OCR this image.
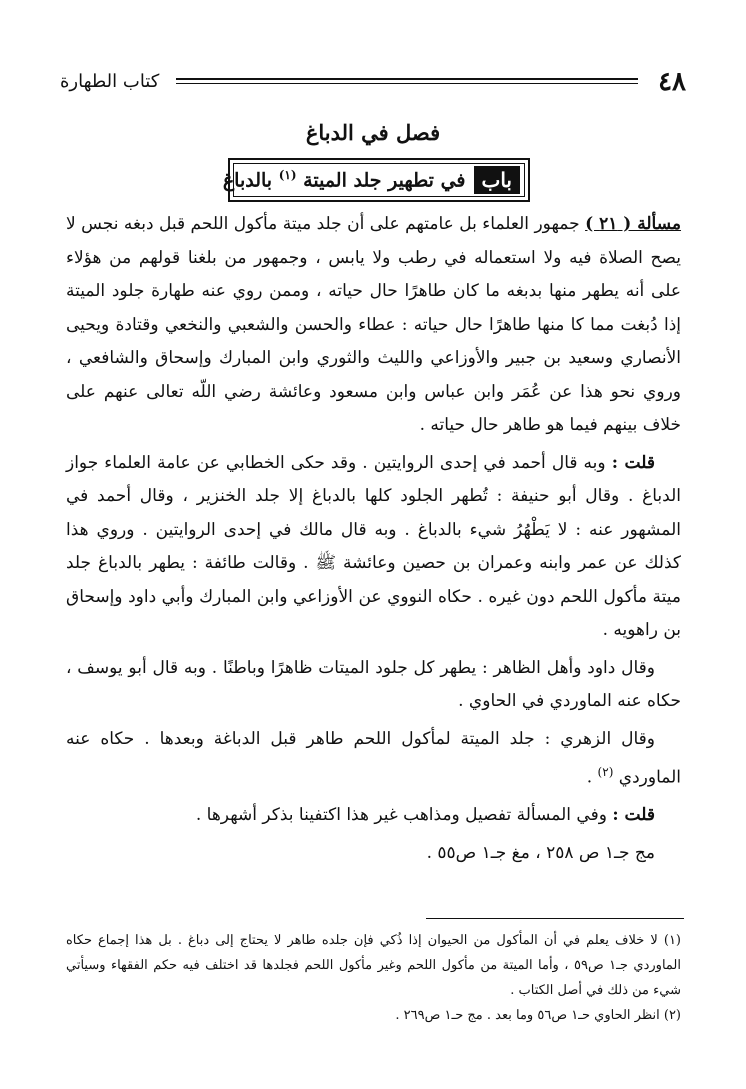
٤٨
كتاب الطهارة
فصل في الدباغ
باب
في تطهير جلد الميتة $^{(١)}$ بالدباغ

مسألة ( ٢١ ) جمهور العلماء بل عامتهم على أن جلد ميتة مأكول اللحم قبل دبغه نجس لا يصح الصلاة فيه ولا استعماله في رطب ولا يابس ، وجمهور من بلغنا قولهم من هؤلاء على أنه يطهر منها بدبغه ما كان طاهرًا حال حياته ، وممن روي عنه طهارة جلود الميتة إذا دُبغت مما كا منها طاهرًا حال حياته : عطاء والحسن والشعبي والنخعي وقتادة ويحيى الأنصاري وسعيد بن جبير والأوزاعي والليث والثوري وابن المبارك وإسحاق والشافعي ، وروي نحو هذا عن عُمَر وابن عباس وابن مسعود وعائشة رضي اللّه تعالى عنهم على خلاف بينهم فيما هو طاهر حال حياته .

قلت : وبه قال أحمد في إحدى الروايتين . وقد حكى الخطابي عن عامة العلماء جواز الدباغ . وقال أبو حنيفة : تُطهر الجلود كلها بالدباغ إلا جلد الخنزير ، وقال أحمد في المشهور عنه : لا يَطْهُرُ شيء بالدباغ . وبه قال مالك في إحدى الروايتين . وروي هذا كذلك عن عمر وابنه وعمران بن حصين وعائشة ﷺ . وقالت طائفة : يطهر بالدباغ جلد ميتة مأكول اللحم دون غيره . حكاه النووي عن الأوزاعي وابن المبارك وأبي داود وإسحاق بن راهويه .

وقال داود وأهل الظاهر : يطهر كل جلود الميتات ظاهرًا وباطنًا . وبه قال أبو يوسف ، حكاه عنه الماوردي في الحاوي .

وقال الزهري : جلد الميتة لمأكول اللحم طاهر قبل الدباغة وبعدها . حكاه عنه الماوردي $^{(٢)}$ .

قلت : وفي المسألة تفصيل ومذاهب غير هذا اكتفينا بذكر أشهرها .

مج جـ١ ص ٢٥٨ ، مغ جـ١ ص٥٥ .

(١) لا خلاف يعلم في أن المأكول من الحيوان إذا ذُكي فإن جلده طاهر لا يحتاج إلى دباغ . بل هذا إجماع حكاه الماوردي جـ١ ص٥٩ ، وأما الميتة من مأكول اللحم وغير مأكول اللحم فجلدها قد اختلف فيه حكم الفقهاء وسيأتي شيء من ذلك في أصل الكتاب .

(٢) انظر الحاوي حـ١ ص٥٦ وما بعد . مج حـ١ ص٢٦٩ .
